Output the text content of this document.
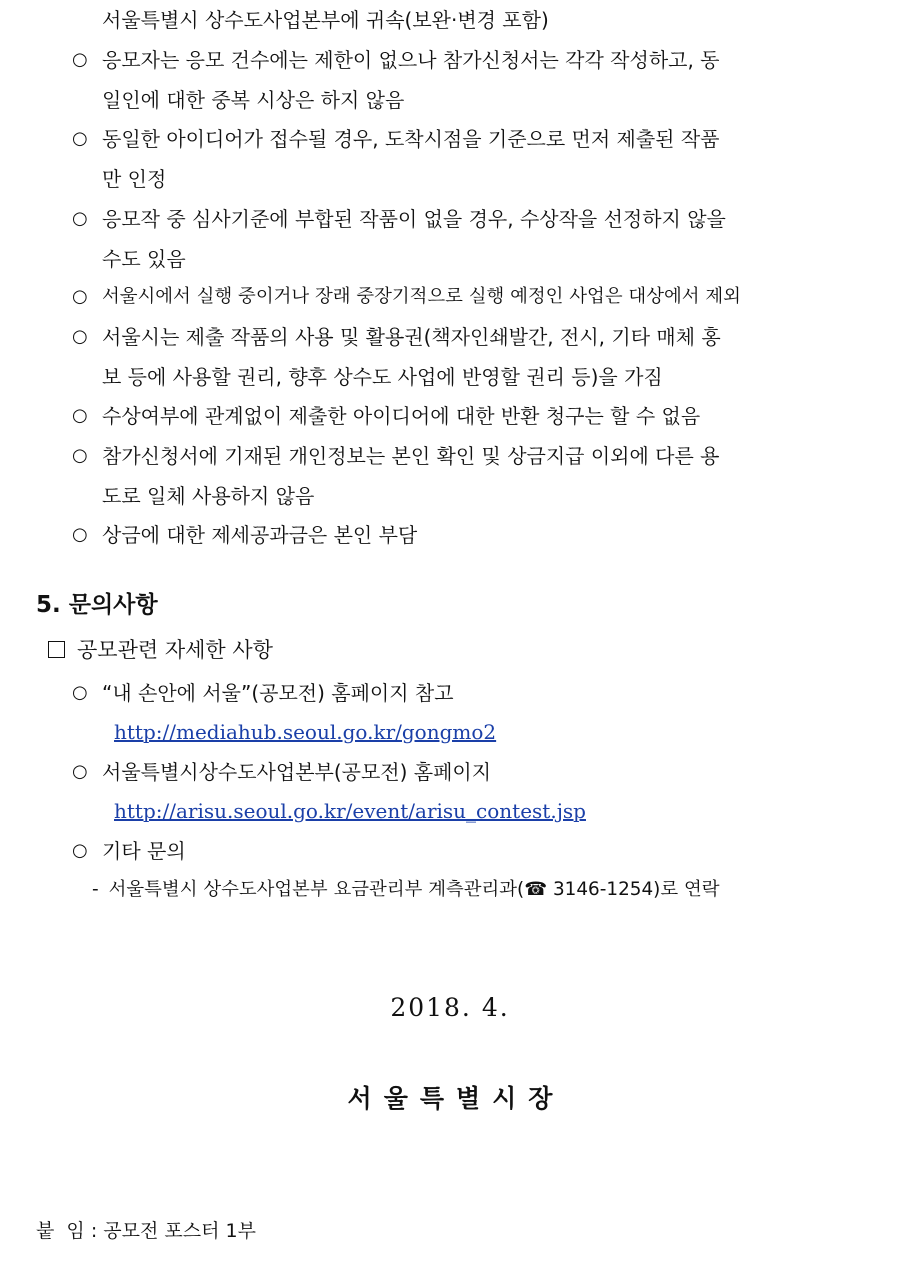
서울특별시 상수도사업본부에 귀속(보완·변경 포함)
○ 응모자는 응모 건수에는 제한이 없으나 참가신청서는 각각 작성하고, 동
일인에 대한 중복 시상은 하지 않음
○ 동일한 아이디어가 접수될 경우, 도착시점을 기준으로 먼저 제출된 작품
만 인정
○ 응모작 중 심사기준에 부합된 작품이 없을 경우, 수상작을 선정하지 않을
수도 있음
○ 서울시에서 실행 중이거나 장래 중장기적으로 실행 예정인 사업은 대상에서 제외
○ 서울시는 제출 작품의 사용 및 활용권(책자인쇄발간, 전시, 기타 매체 홍
보 등에 사용할 권리, 향후 상수도 사업에 반영할 권리 등)을 가짐
○ 수상여부에 관계없이 제출한 아이디어에 대한 반환 청구는 할 수 없음
○ 참가신청서에 기재된 개인정보는 본인 확인 및 상금지급 이외에 다른 용
도로 일체 사용하지 않음
○ 상금에 대한 제세공과금은 본인 부담
5. 문의사항
공모관련 자세한 사항
○ “내 손안에 서울”(공모전) 홈페이지 참고
http://mediahub.seoul.go.kr/gongmo2
○ 서울특별시상수도사업본부(공모전) 홈페이지
http://arisu.seoul.go.kr/event/arisu_contest.jsp
○ 기타 문의
- 서울특별시 상수도사업본부 요금관리부 계측관리과(☎ 3146-1254)로 연락
2018. 4.
서울특별시장
붙  임 : 공모전 포스터 1부
